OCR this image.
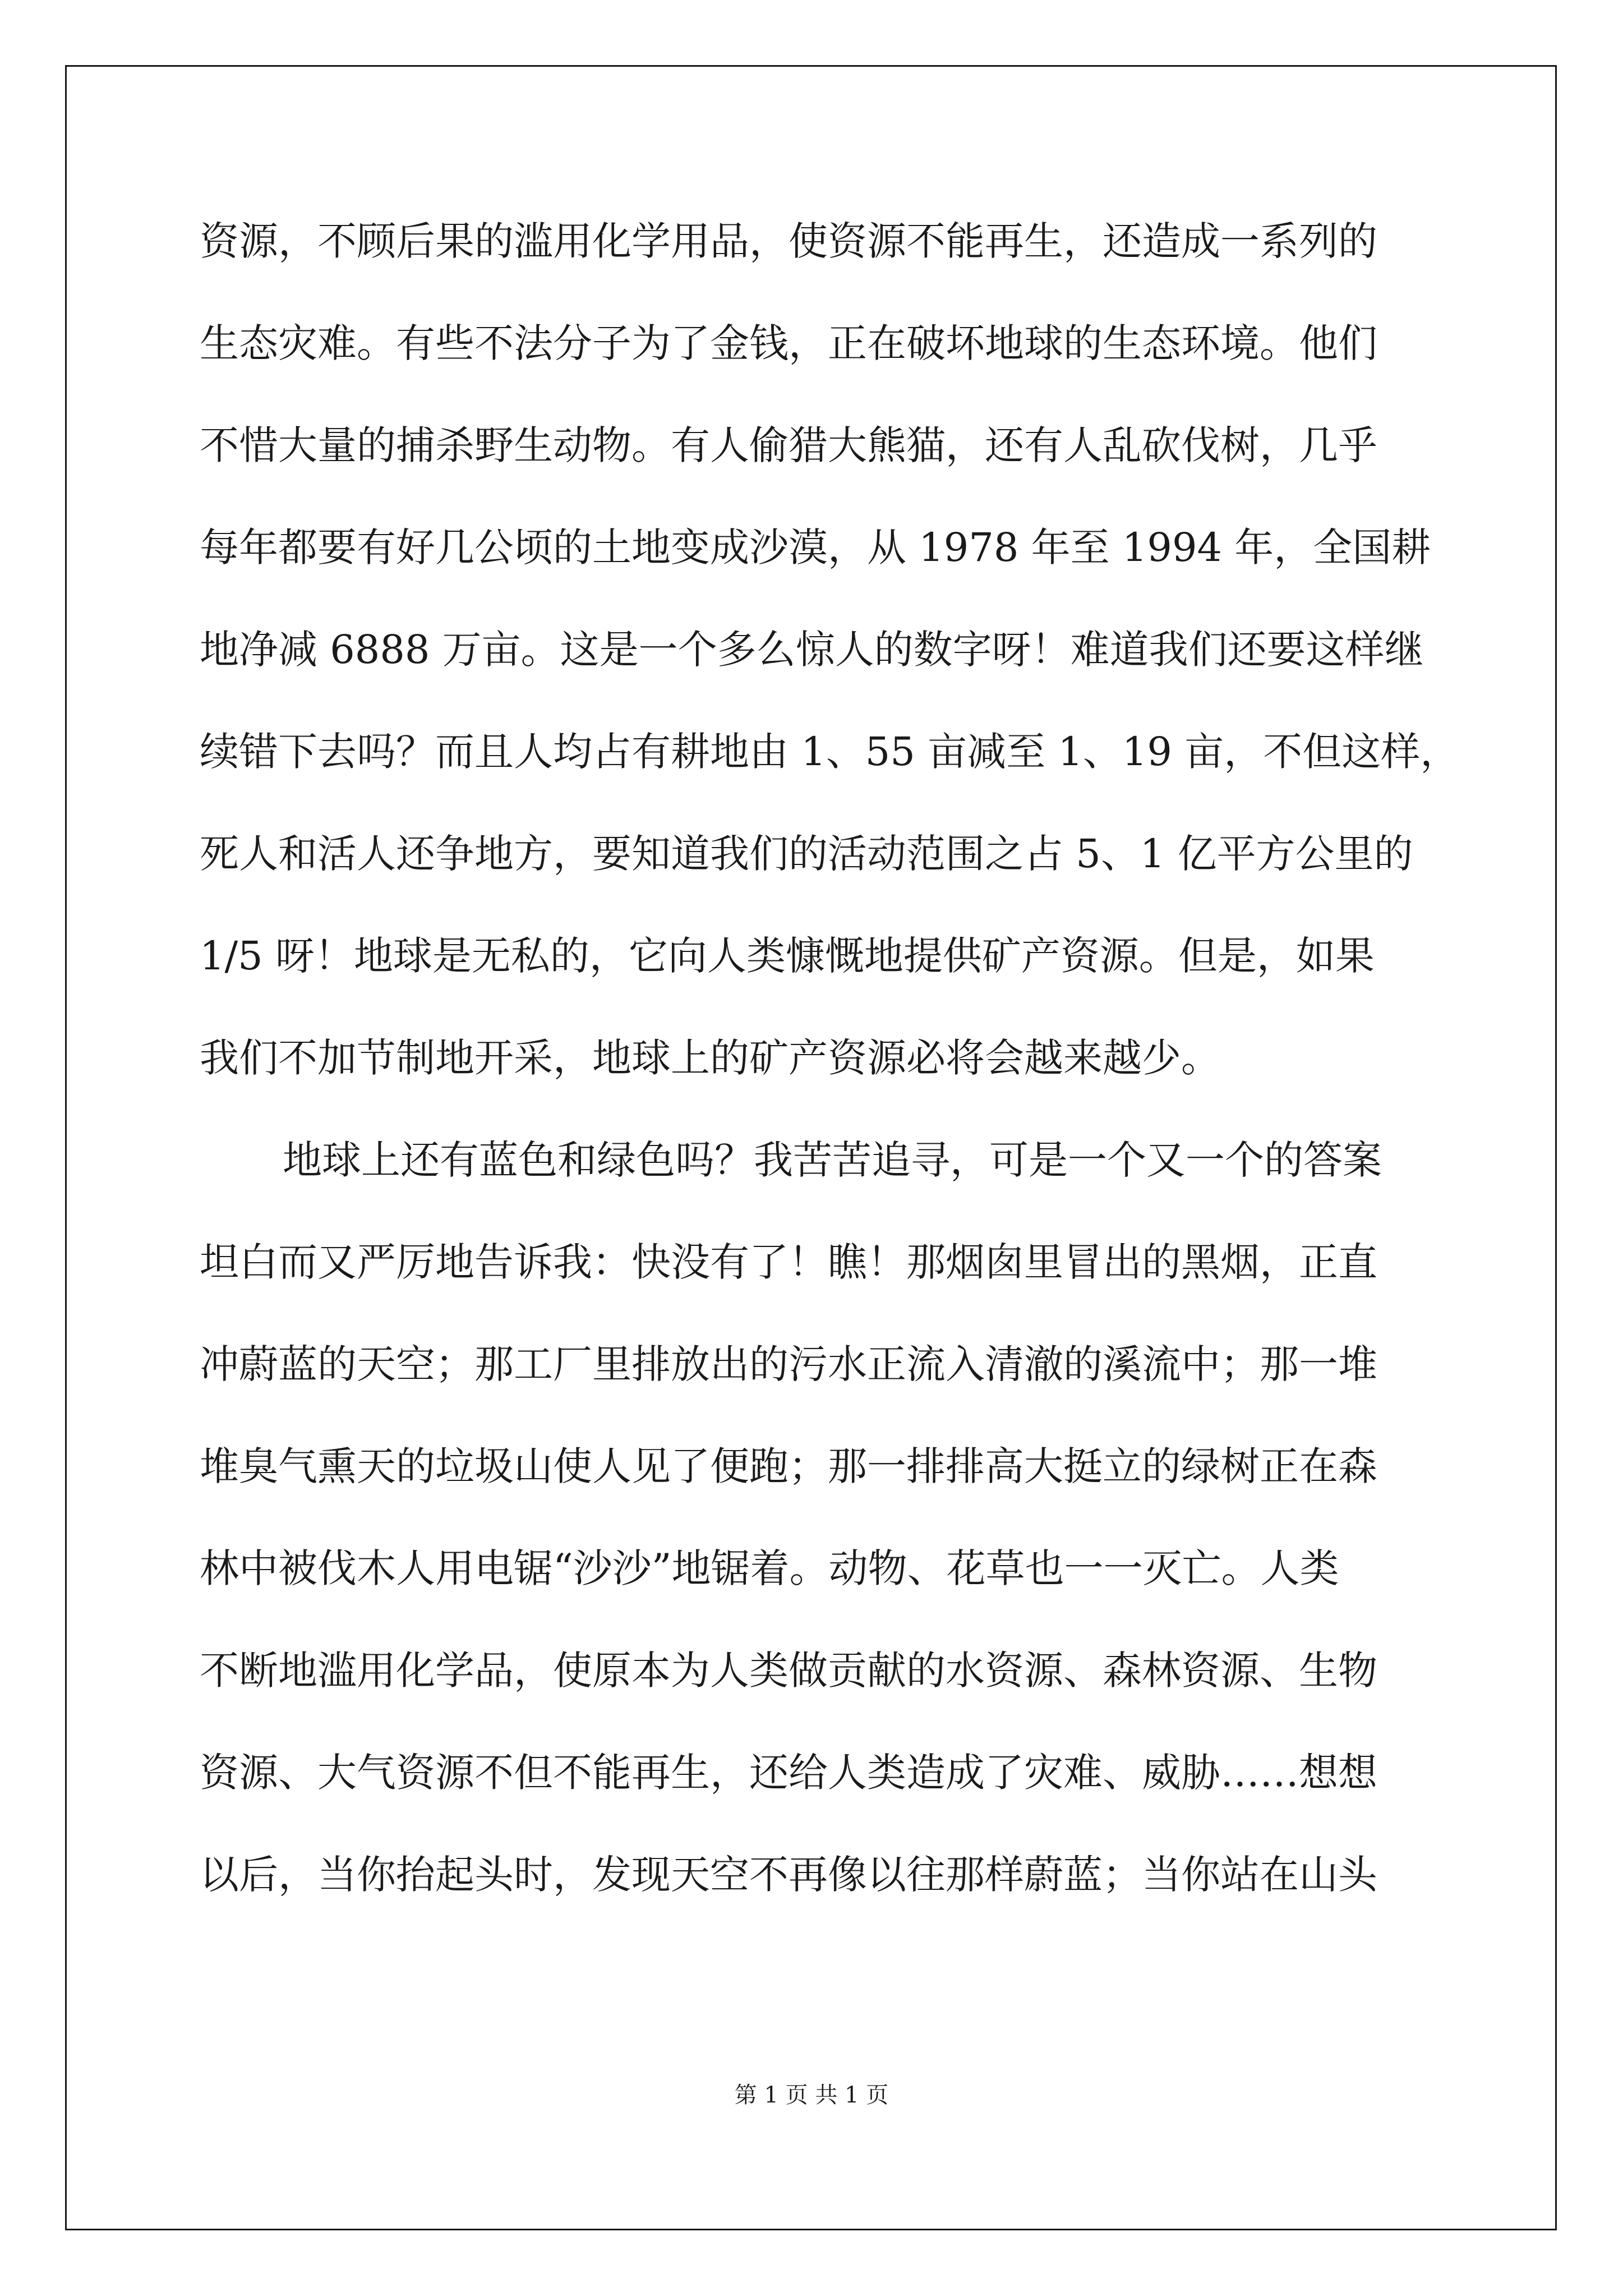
资源，不顾后果的滥用化学用品，使资源不能再生，还造成一系列的
生态灾难。有些不法分子为了金钱，正在破坏地球的生态环境。他们
不惜大量的捕杀野生动物。有人偷猎大熊猫，还有人乱砍伐树，几乎
每年都要有好几公顷的土地变成沙漠，从 1978 年至 1994 年，全国耕
地净减 6888 万亩。这是一个多么惊人的数字呀！难道我们还要这样继
续错下去吗？而且人均占有耕地由 1、55 亩减至 1、19 亩，不但这样，
死人和活人还争地方，要知道我们的活动范围之占 5、1 亿平方公里的
1/5 呀！地球是无私的，它向人类慷慨地提供矿产资源。但是，如果
我们不加节制地开采，地球上的矿产资源必将会越来越少。
地球上还有蓝色和绿色吗？我苦苦追寻，可是一个又一个的答案
坦白而又严厉地告诉我：快没有了！瞧！那烟囱里冒出的黑烟，正直
冲蔚蓝的天空；那工厂里排放出的污水正流入清澈的溪流中；那一堆
堆臭气熏天的垃圾山使人见了便跑；那一排排高大挺立的绿树正在森
林中被伐木人用电锯“沙沙”地锯着。动物、花草也一一灭亡。人类
不断地滥用化学品，使原本为人类做贡献的水资源、森林资源、生物
资源、大气资源不但不能再生，还给人类造成了灾难、威胁……想想
以后，当你抬起头时，发现天空不再像以往那样蔚蓝；当你站在山头
第 1 页 共 1 页
